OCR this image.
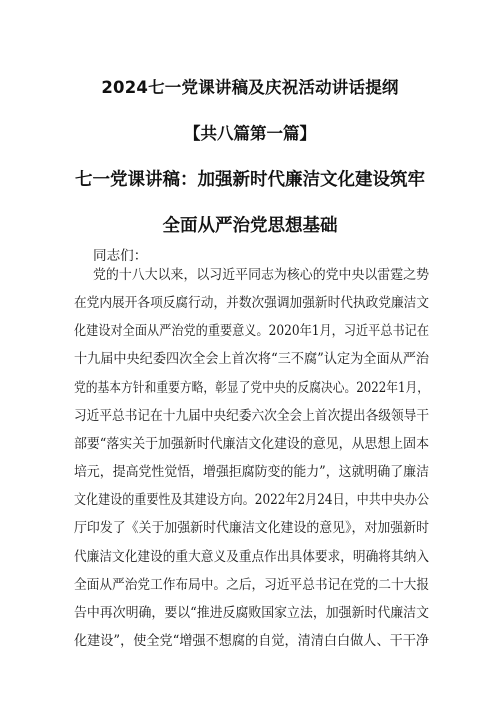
2024七一党课讲稿及庆祝活动讲话提纲
【共八篇第一篇】
七一党课讲稿：加强新时代廉洁文化建设筑牢
全面从严治党思想基础
同志们：
党的十八大以来，以习近平同志为核心的党中央以雷霆之势
在党内展开各项反腐行动，并数次强调加强新时代执政党廉洁文
化建设对全面从严治党的重要意义。2020年1月，习近平总书记在
十九届中央纪委四次全会上首次将“三不腐”认定为全面从严治
党的基本方针和重要方略，彰显了党中央的反腐决心。2022年1月，
习近平总书记在十九届中央纪委六次全会上首次提出各级领导干
部要“落实关于加强新时代廉洁文化建设的意见，从思想上固本
培元，提高党性觉悟，增强拒腐防变的能力”，这就明确了廉洁
文化建设的重要性及其建设方向。2022年2月24日，中共中央办公
厅印发了《关于加强新时代廉洁文化建设的意见》，对加强新时
代廉洁文化建设的重大意义及重点作出具体要求，明确将其纳入
全面从严治党工作布局中。之后，习近平总书记在党的二十大报
告中再次明确，要以“推进反腐败国家立法，加强新时代廉洁文
化建设”，使全党“增强不想腐的自觉，清清白白做人、干干净
